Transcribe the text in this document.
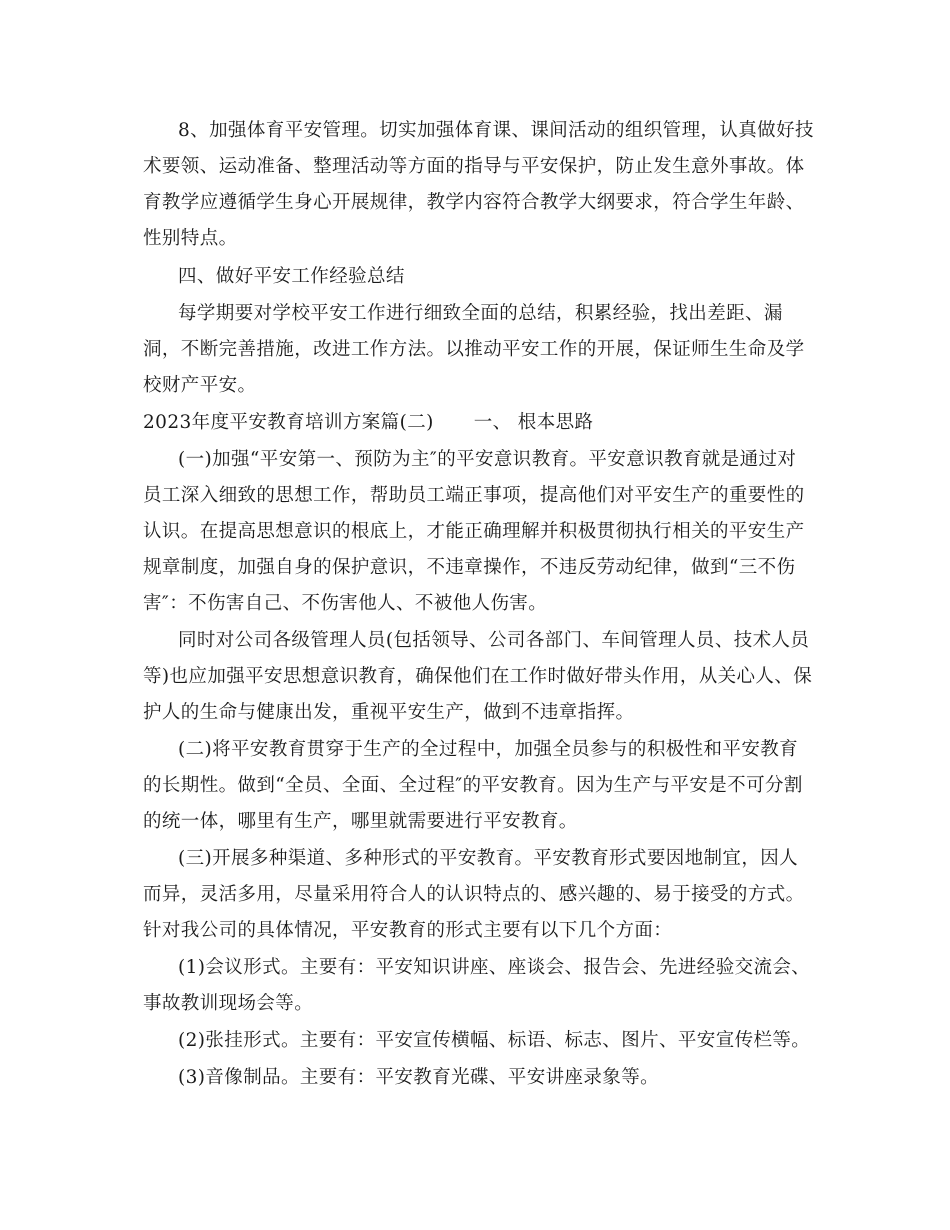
8、加强体育平安管理。切实加强体育课、课间活动的组织管理，认真做好技

术要领、运动准备、整理活动等方面的指导与平安保护，防止发生意外事故。体

育教学应遵循学生身心开展规律，教学内容符合教学大纲要求，符合学生年龄、

性别特点。

四、做好平安工作经验总结

每学期要对学校平安工作进行细致全面的总结，积累经验，找出差距、漏

洞，不断完善措施，改进工作方法。以推动平安工作的开展，保证师生生命及学

校财产平安。

2023年度平安教育培训方案篇(二) 一、 根本思路

(一)加强“平安第一、预防为主″的平安意识教育。平安意识教育就是通过对

员工深入细致的思想工作，帮助员工端正事项，提高他们对平安生产的重要性的

认识。在提高思想意识的根底上，才能正确理解并积极贯彻执行相关的平安生产

规章制度，加强自身的保护意识，不违章操作，不违反劳动纪律，做到“三不伤

害″：不伤害自己、不伤害他人、不被他人伤害。

同时对公司各级管理人员(包括领导、公司各部门、车间管理人员、技术人员

等)也应加强平安思想意识教育，确保他们在工作时做好带头作用，从关心人、保

护人的生命与健康出发，重视平安生产，做到不违章指挥。

(二)将平安教育贯穿于生产的全过程中，加强全员参与的积极性和平安教育

的长期性。做到“全员、全面、全过程″的平安教育。因为生产与平安是不可分割

的统一体，哪里有生产，哪里就需要进行平安教育。

(三)开展多种渠道、多种形式的平安教育。平安教育形式要因地制宜，因人

而异，灵活多用，尽量采用符合人的认识特点的、感兴趣的、易于接受的方式。

针对我公司的具体情况，平安教育的形式主要有以下几个方面：

(1)会议形式。主要有：平安知识讲座、座谈会、报告会、先进经验交流会、

事故教训现场会等。

(2)张挂形式。主要有：平安宣传横幅、标语、标志、图片、平安宣传栏等。

(3)音像制品。主要有：平安教育光碟、平安讲座录象等。
